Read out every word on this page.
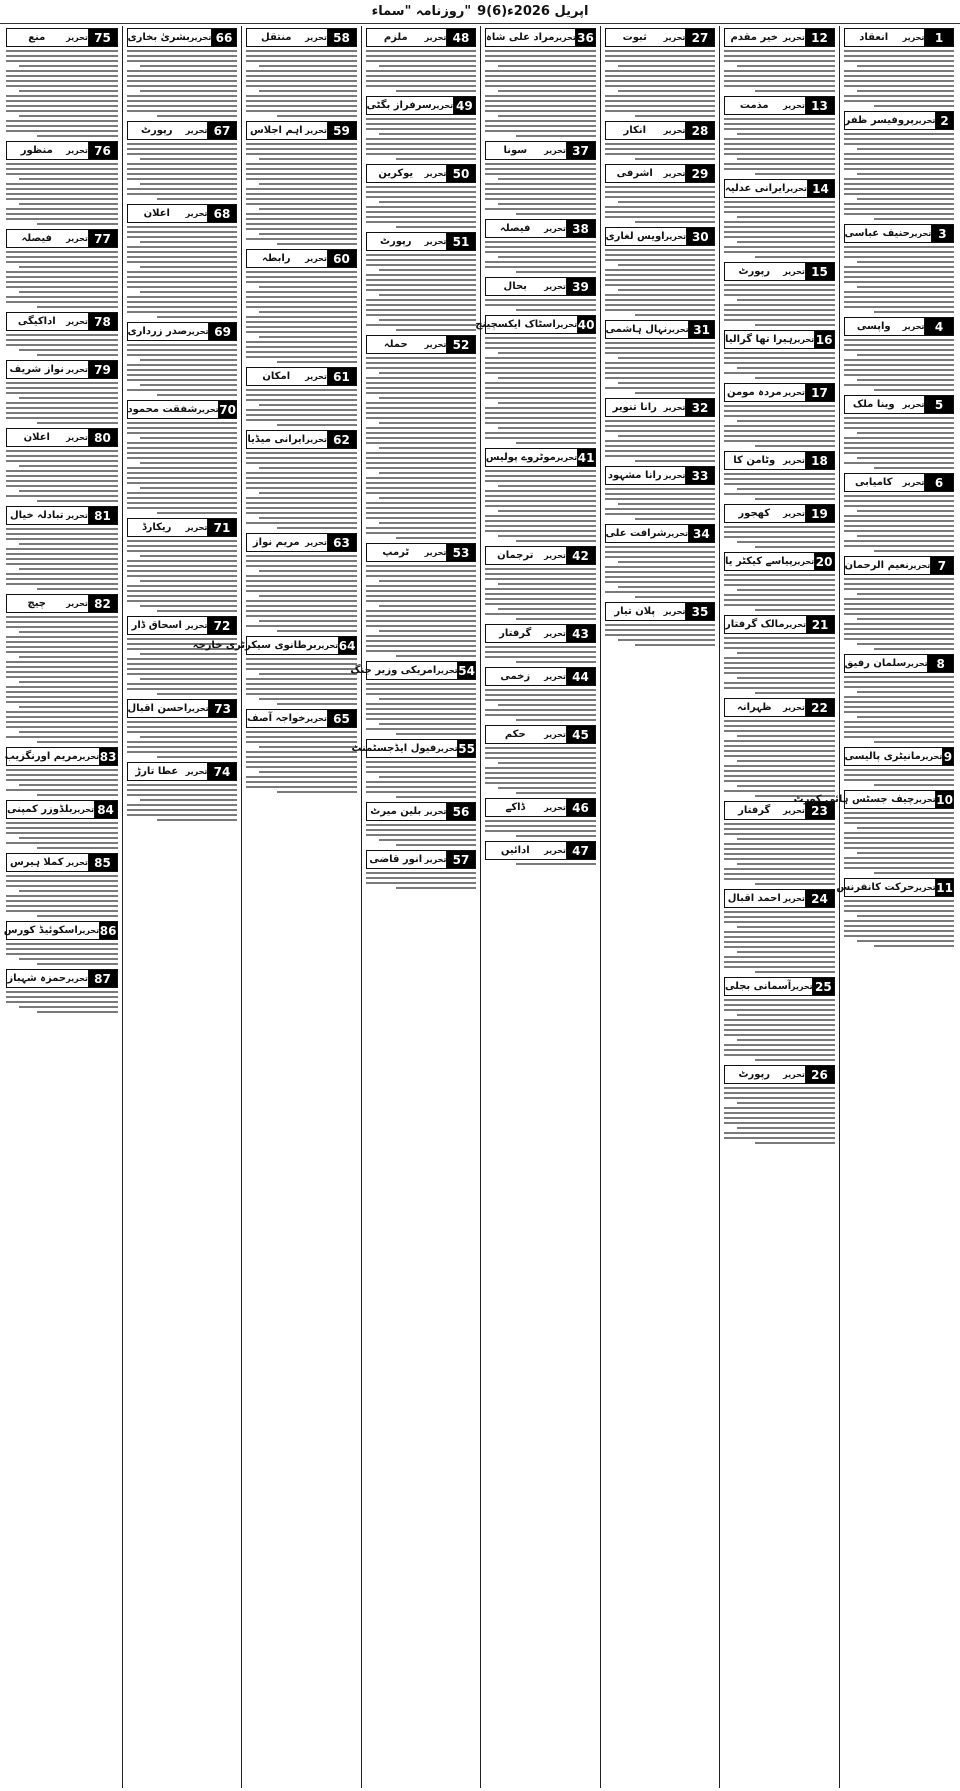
روزنامہ "سماء" 9(6)اپریل 2026ء
1
تحریر
انعقاد
2
تحریر
پروفیسر ظفر
3
تحریر
حنیف عباسی
4
تحریر
واپسی
5
تحریر
وینا ملک
6
تحریر
کامیابی
7
تحریر
نعیم الرحمان
8
تحریر
سلمان رفیق
9
تحریر
مانیٹری پالیسی
10
تحریر
چیف جسٹس ہائی کورٹ
11
تحریر
حرکت کانفرنس
12
تحریر
خیر مقدم
13
تحریر
مذمت
14
تحریر
ایرانی عدلیہ
15
تحریر
رپورٹ
16
تحریر
ہیرا تھا گرالیا
17
تحریر
مردہ مومن
18
تحریر
وٹامن کا
19
تحریر
کھجور
20
تحریر
پیاسے کیکٹر یا
21
تحریر
مالک گرفتار
22
تحریر
ظہرانہ
23
تحریر
گرفتار
24
تحریر
احمد اقبال
25
تحریر
آسمانی بجلی
26
تحریر
رپورٹ
27
تحریر
ثبوت
28
تحریر
انکار
29
تحریر
اشرفی
30
تحریر
اویس لغاری
31
تحریر
نہال ہاشمی
32
تحریر
رانا تنویر
33
تحریر
رانا مشہود
34
تحریر
شرافت علی
35
تحریر
پلان تیار
36
تحریر
مراد علی شاہ
37
تحریر
سونا
38
تحریر
فیصلہ
39
تحریر
بحال
40
تحریر
اسٹاک ایکسچینج
41
تحریر
موٹروے پولیس
42
تحریر
ترجمان
43
تحریر
گرفتار
44
تحریر
زخمی
45
تحریر
حکم
46
تحریر
ڈاکے
47
تحریر
ادائیں
48
تحریر
ملزم
49
تحریر
سرفراز بگٹی
50
تحریر
یوکرین
51
تحریر
رپورٹ
52
تحریر
حملہ
53
تحریر
ٹرمپ
54
تحریر
امریکی وزیر جنگ
55
تحریر
فیول ایڈجسٹمنٹ
56
تحریر
بلین میرٹ
57
تحریر
انور قاضی
58
تحریر
منتقل
59
تحریر
اہم اجلاس
60
تحریر
رابطہ
61
تحریر
امکان
62
تحریر
ایرانی میڈیا
63
تحریر
مریم نواز
64
تحریر
برطانوی سیکرٹری خارجہ
65
تحریر
خواجہ آصف
66
تحریر
بشریٰ بخاری
67
تحریر
رپورٹ
68
تحریر
اعلان
69
تحریر
صدر زرداری
70
تحریر
شفقت محمود
71
تحریر
ریکارڈ
72
تحریر
اسحاق ڈار
73
تحریر
احسن اقبال
74
تحریر
عطا تارڑ
75
تحریر
منع
76
تحریر
منظور
77
تحریر
فیصلہ
78
تحریر
اداکیگی
79
تحریر
نواز شریف
80
تحریر
اعلان
81
تحریر
تبادلہ خیال
82
تحریر
چیچ
83
تحریر
مریم اورنگزیب
84
تحریر
بلڈوزر کمپنی
85
تحریر
کملا ہیرس
86
تحریر
اسکوئیڈ کورس
87
تحریر
حمزہ شہباز
